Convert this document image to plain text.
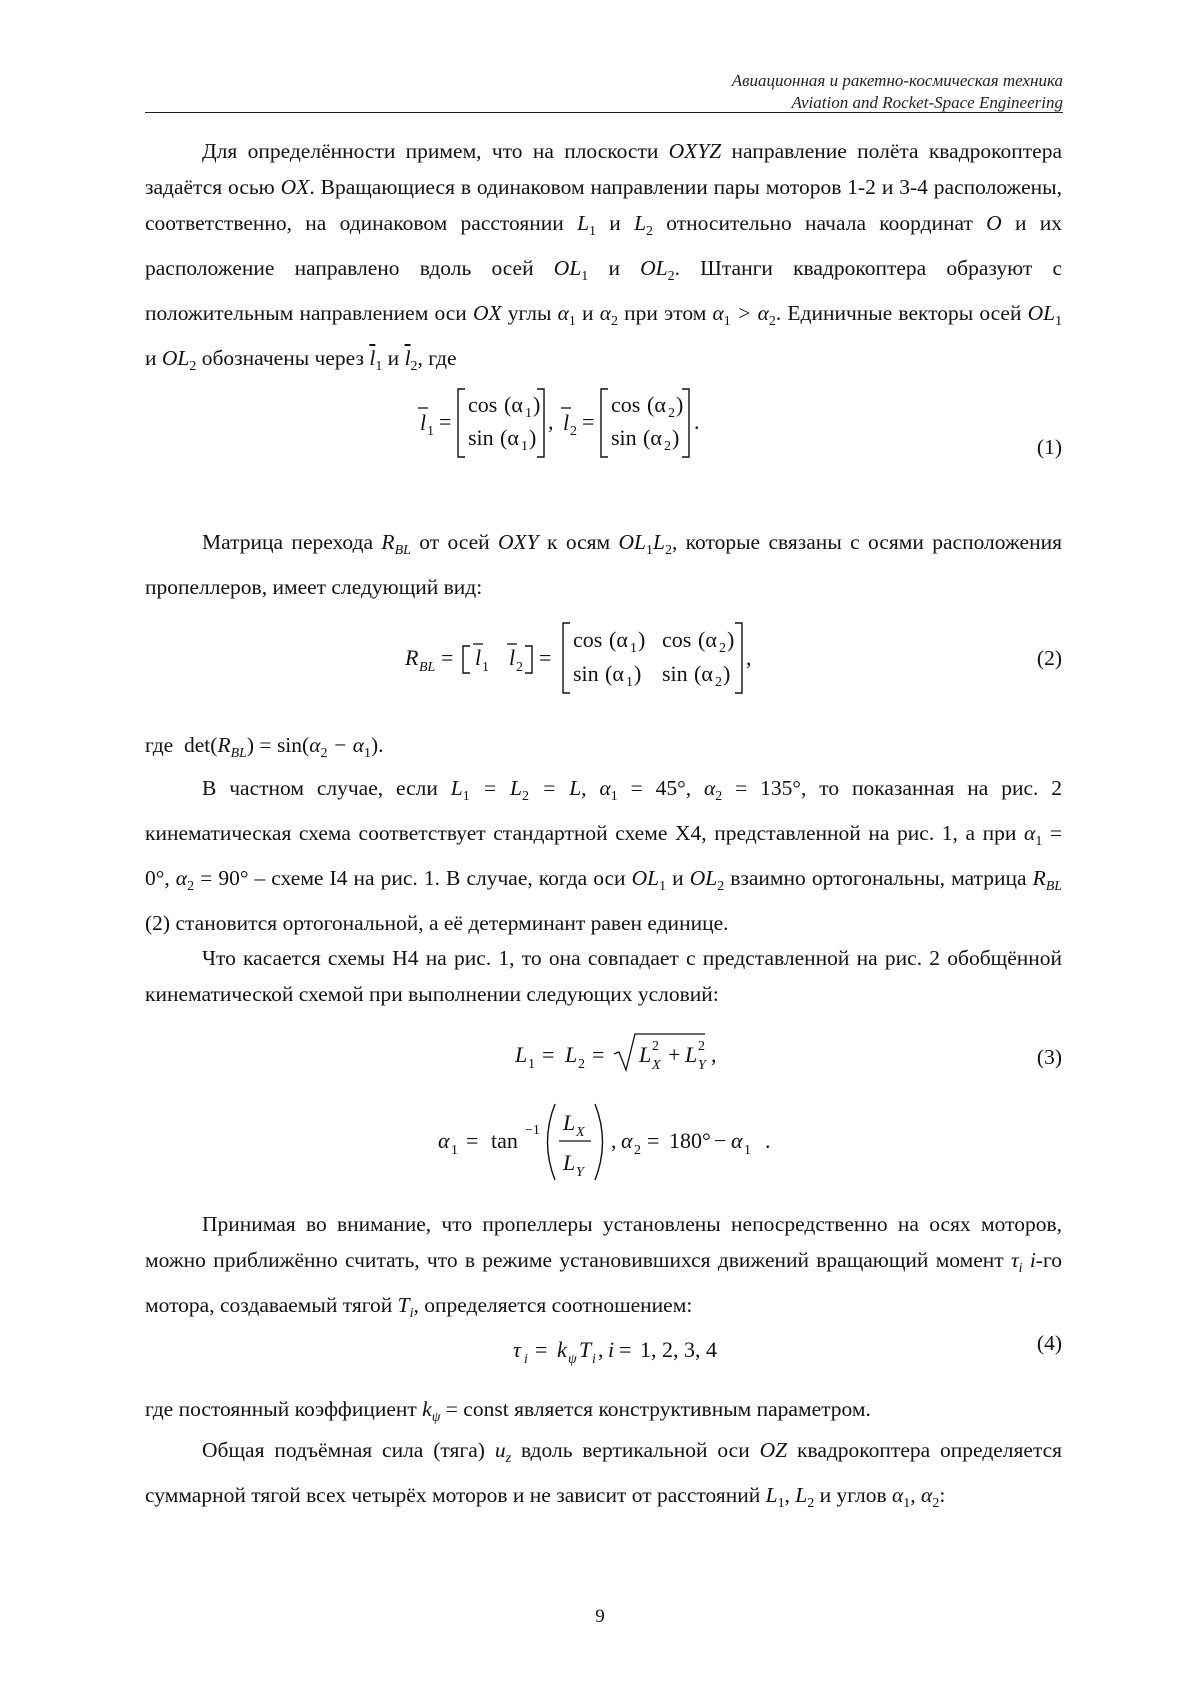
Авиационная и ракетно-космическая техника
Aviation and Rocket-Space Engineering

Для определённости примем, что на плоскости OXYZ направление полёта квадрокоптера задаётся осью OX. Вращающиеся в одинаковом направлении пары моторов 1-2 и 3-4 расположены, соответственно, на одинаковом расстоянии $L_1$ и $L_2$ относительно начала координат O и их расположение направлено вдоль осей $OL_1$ и $OL_2$. Штанги квадрокоптера образуют с положительным направлением оси OX углы $\alpha_1$ и $\alpha_2$ при этом $\alpha_1 > \alpha_2$. Единичные векторы осей $OL_1$ и $OL_2$ обозначены через $\overline{l}_1$ и $\overline{l}_2$, где

l 1 =
cos (α 1 )
sin (α 1 )
, l 2 =
cos (α 2 )
sin (α 2 )
.
(1)

Матрица перехода $R_{BL}$ от осей OXY к осям $OL_1L_2$, которые связаны с осями расположения пропеллеров, имеет следующий вид:

R BL = l 1 l 2 =
cos (α 1 ) cos (α 2 )
sin (α 1 ) sin (α 2 )
,	(2)

где $\det(R_{BL}) = \sin(\alpha_2 - \alpha_1)$.

В частном случае, если $L_1 = L_2 = L$, $\alpha_1 = 45^\circ$, $\alpha_2 = 135^\circ$, то показанная на рис. 2 кинематическая схема соответствует стандартной схеме X4, представленной на рис. 1, а при $\alpha_1 = 0^\circ$, $\alpha_2 = 90^\circ$ – схеме I4 на рис. 1. В случае, когда оси $OL_1$ и $OL_2$ взаимно ортогональны, матрица $R_{BL}$ (2) становится ортогональной, а её детерминант равен единице.

Что касается схемы H4 на рис. 1, то она совпадает с представленной на рис. 2 обобщённой кинематической схемой при выполнении следующих условий:

L 1 = L 2 = L 2
X + L 2
Y ,	(3)
α 1 = tan −1 L X
L Y
, α 2 = 180° − α 1 .

Принимая во внимание, что пропеллеры установлены непосредственно на осях моторов, можно приближённо считать, что в режиме установившихся движений вращающий момент $\tau_i$ i-го мотора, создаваемый тягой $T_i$, определяется соотношением:

τ i = k ψ T i , i = 1, 2, 3, 4	(4)

где постоянный коэффициент $k_\psi$ = const является конструктивным параметром.

Общая подъёмная сила (тяга) $u_z$ вдоль вертикальной оси OZ квадрокоптера определяется суммарной тягой всех четырёх моторов и не зависит от расстояний $L_1$, $L_2$ и углов $\alpha_1$, $\alpha_2$:

9
